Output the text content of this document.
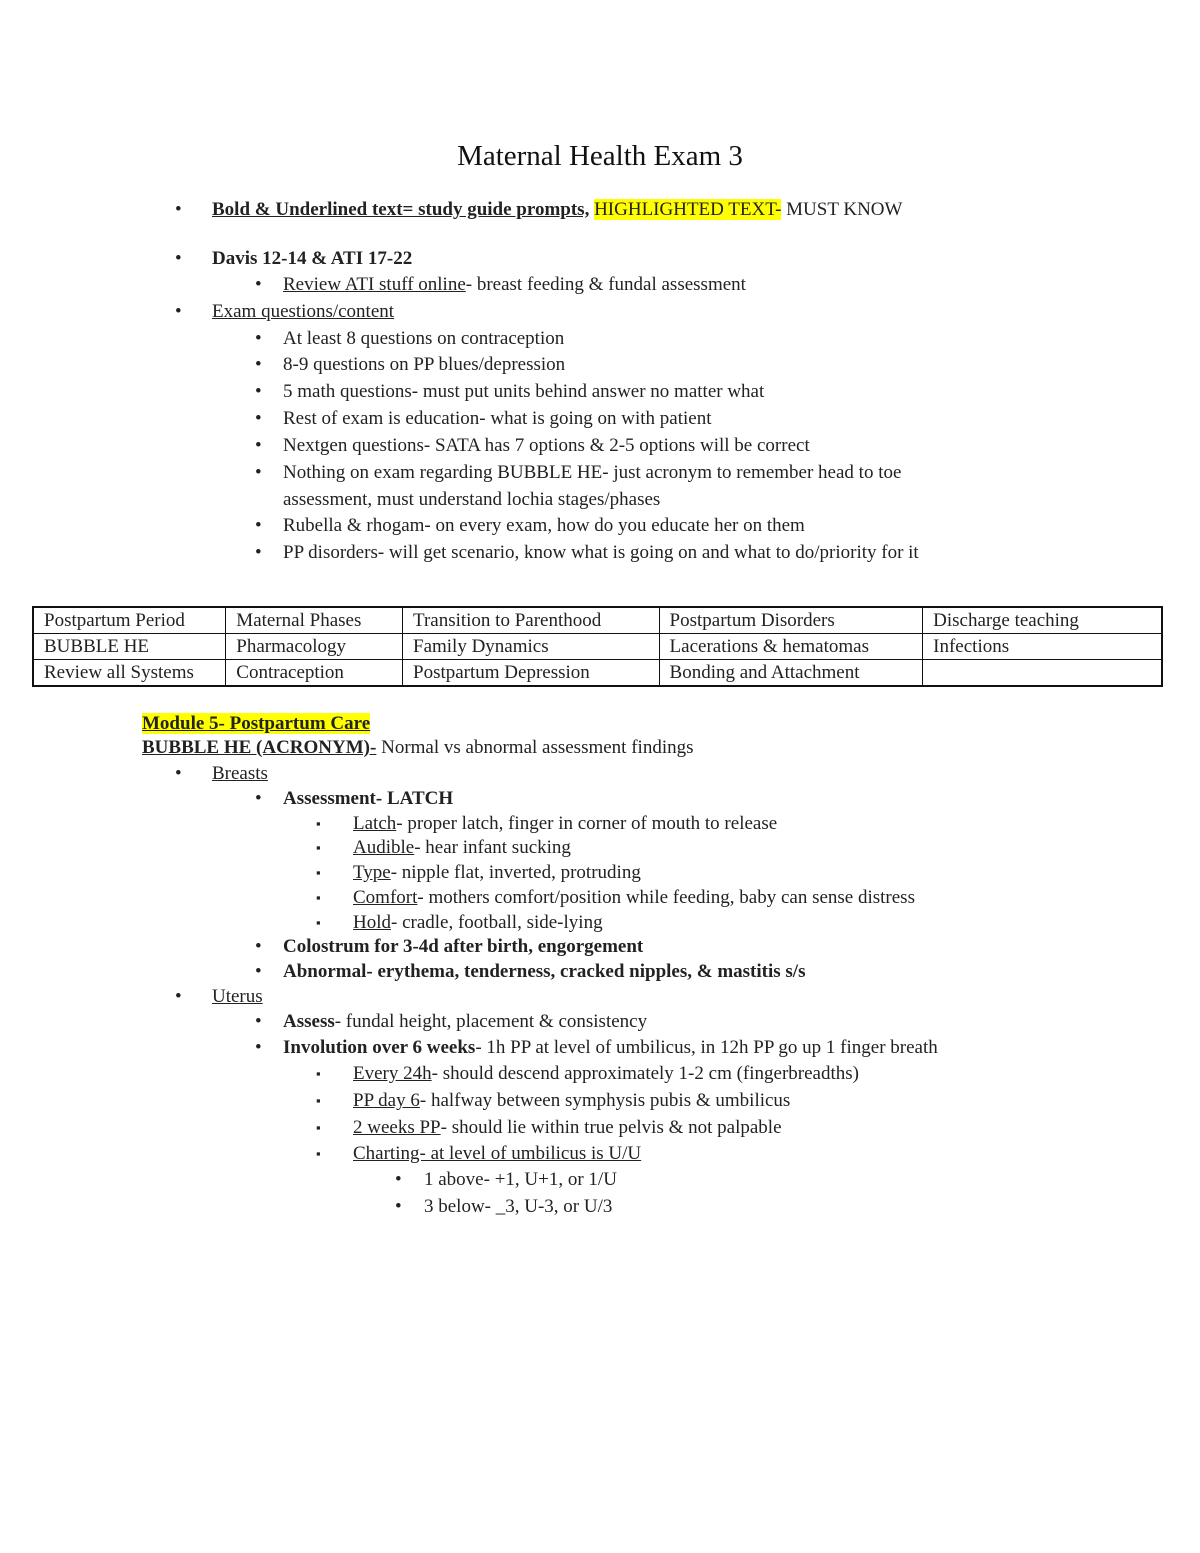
Maternal Health Exam 3
• Bold & Underlined text= study guide prompts, HIGHLIGHTED TEXT- MUST KNOW
• Davis 12-14 & ATI 17-22
• Review ATI stuff online- breast feeding & fundal assessment
• Exam questions/content
• At least 8 questions on contraception
• 8-9 questions on PP blues/depression
• 5 math questions- must put units behind answer no matter what
• Rest of exam is education- what is going on with patient
• Nextgen questions- SATA has 7 options & 2-5 options will be correct
• Nothing on exam regarding BUBBLE HE- just acronym to remember head to toe
assessment, must understand lochia stages/phases
• Rubella & rhogam- on every exam, how do you educate her on them
• PP disorders- will get scenario, know what is going on and what to do/priority for it
Postpartum Period	Maternal Phases	Transition to Parenthood	Postpartum Disorders	Discharge teaching
BUBBLE HE	Pharmacology	Family Dynamics	Lacerations & hematomas	Infections
Review all Systems	Contraception	Postpartum Depression	Bonding and Attachment	
Module 5- Postpartum Care
BUBBLE HE (ACRONYM)- Normal vs abnormal assessment findings
• Breasts
• Assessment- LATCH
▪ Latch- proper latch, finger in corner of mouth to release
▪ Audible- hear infant sucking
▪ Type- nipple flat, inverted, protruding
▪ Comfort- mothers comfort/position while feeding, baby can sense distress
▪ Hold- cradle, football, side-lying
• Colostrum for 3-4d after birth, engorgement
• Abnormal- erythema, tenderness, cracked nipples, & mastitis s/s
• Uterus
• Assess- fundal height, placement & consistency
• Involution over 6 weeks- 1h PP at level of umbilicus, in 12h PP go up 1 finger breath
▪ Every 24h- should descend approximately 1-2 cm (fingerbreadths)
▪ PP day 6- halfway between symphysis pubis & umbilicus
▪ 2 weeks PP- should lie within true pelvis & not palpable
▪ Charting- at level of umbilicus is U/U
• 1 above- +1, U+1, or 1/U
• 3 below- _3, U-3, or U/3
